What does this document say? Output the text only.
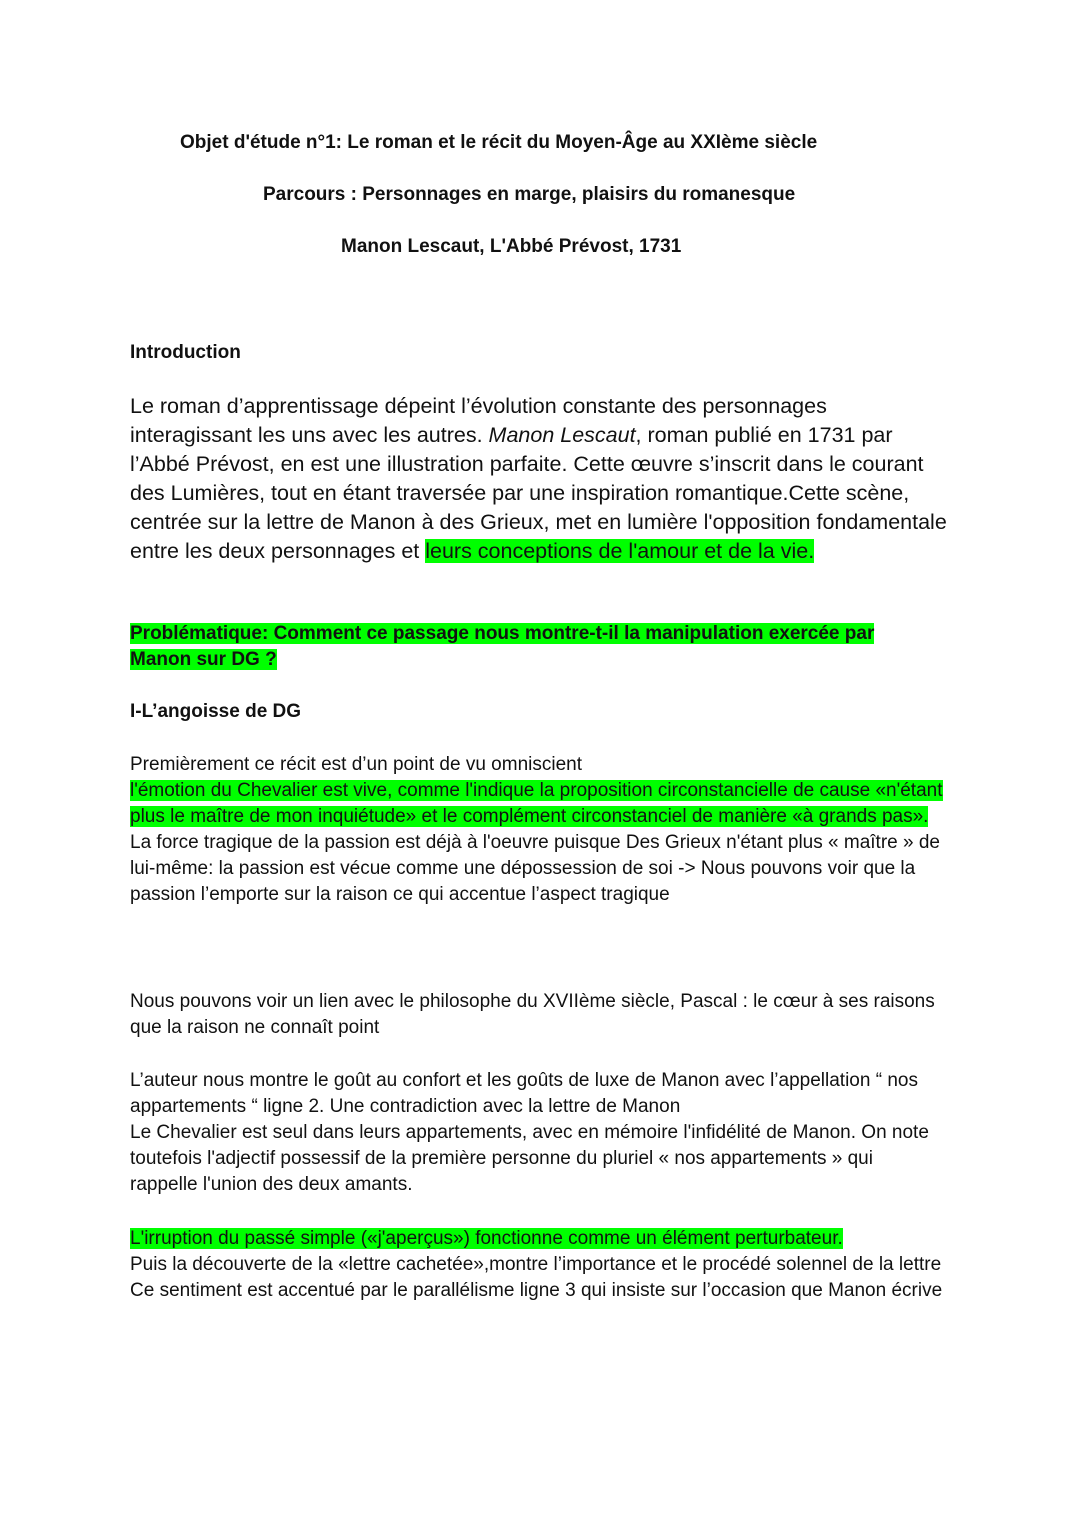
Objet d'étude n°1: Le roman et le récit du Moyen-Âge au XXIème siècle

Parcours : Personnages en marge, plaisirs du romanesque

Manon Lescaut, L'Abbé Prévost, 1731

Introduction

Le roman d’apprentissage dépeint l’évolution constante des personnages interagissant les uns avec les autres. Manon Lescaut, roman publié en 1731 par l’Abbé Prévost, en est une illustration parfaite. Cette œuvre s’inscrit dans le courant des Lumières, tout en étant traversée par une inspiration romantique.Cette scène, centrée sur la lettre de Manon à des Grieux, met en lumière l'opposition fondamentale entre les deux personnages et leurs conceptions de l'amour et de la vie.

Problématique: Comment ce passage nous montre-t-il la manipulation exercée par Manon sur DG ?

I-L’angoisse de DG

Premièrement ce récit est d’un point de vu omniscient
l'émotion du Chevalier est vive, comme l'indique la proposition circonstancielle de cause «n'étant plus le maître de mon inquiétude» et le complément circonstanciel de manière «à grands pas».
La force tragique de la passion est déjà à l'oeuvre puisque Des Grieux n'étant plus « maître » de lui-même: la passion est vécue comme une dépossession de soi -> Nous pouvons voir que la passion l’emporte sur la raison ce qui accentue l’aspect tragique

Nous pouvons voir un lien avec le philosophe du XVIIème siècle, Pascal : le cœur à ses raisons que la raison ne connaît point

L’auteur nous montre le goût au confort et les goûts de luxe de Manon avec l’appellation “ nos appartements “ ligne 2. Une contradiction avec la lettre de Manon
Le Chevalier est seul dans leurs appartements, avec en mémoire l'infidélité de Manon. On note toutefois l'adjectif possessif de la première personne du pluriel « nos appartements » qui rappelle l'union des deux amants.
L'irruption du passé simple («j'aperçus») fonctionne comme un élément perturbateur.
Puis la découverte de la «lettre cachetée»,montre l’importance et le procédé solennel de la lettre
Ce sentiment est accentué par le parallélisme ligne 3 qui insiste sur l’occasion que Manon écrive
